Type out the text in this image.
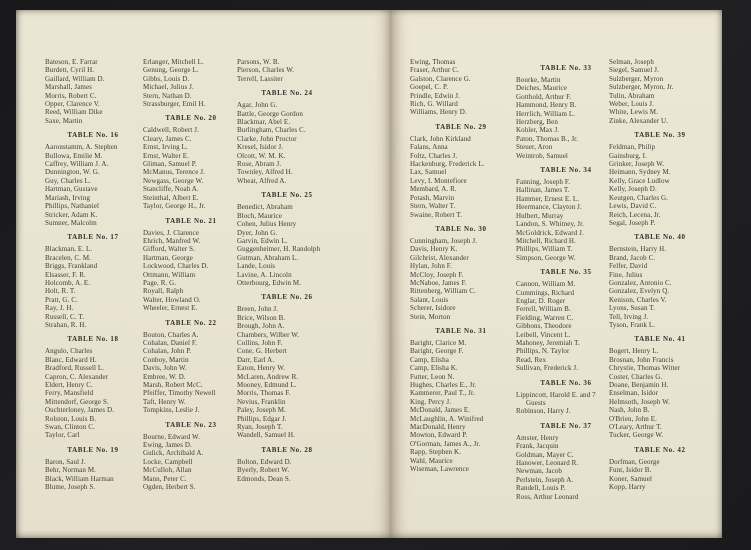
Bateson, E. Farrar
Burdett, Cyril H.
Gaillard, William D.
Marshall, James
Morris, Robert C.
Opper, Clarence V.
Reed, William Dike
Saxe, Martin
TABLE No. 16
Aaronstamm, A. Stephen
Bullowa, Emilie M.
Caffrey, William J. A.
Dunnington, W. G.
Guy, Charles L.
Hartman, Gustave
Mariash, Irving
Phillips, Nathaniel
Stricker, Adam K.
Sumner, Malcolm
TABLE No. 17
Blackman, E. L.
Bracelen, C. M.
Briggs, Frankland
Elsasser, F. R.
Holcomb, A. E.
Holt, R. T.
Pratt, G. C.
Ray, J. H.
Russell, C. T.
Strahan, R. H.
TABLE No. 18
Angulo, Charles
Blanc, Edward H.
Bradford, Russell L.
Capron, C. Alexander
Eldert, Henry C.
Ferry, Mansfield
Mittendorf, George S.
Ouchterloney, James D.
Rolston, Louis B.
Swan, Clinton C.
Taylor, Carl
TABLE No. 19
Baron, Saul J.
Behr, Norman M.
Black, William Harman
Blume, Joseph S.
Erlanger, Mitchell L.
Genung, George L.
Gibbs, Louis D.
Michael, Julius J.
Stern, Nathan D.
Strassburger, Emil H.
TABLE No. 20
Caldwell, Robert J.
Cleary, James C.
Ernst, Irving L.
Ernst, Walter E.
Gliman, Samuel P.
McManus, Terence J.
Newgass, George W.
Stancliffe, Noah A.
Steinthal, Albert E.
Taylor, George H., Jr.
TABLE No. 21
Davies, J. Clarence
Ehrich, Manfred W.
Gifford, Walter S.
Hartman, George
Lockwood, Charles D.
Ottmann, William
Page, R. G.
Royall, Ralph
Walter, Howland O.
Wheeler, Ernest E.
TABLE No. 22
Bouton, Charles A.
Cohalan, Daniel F.
Cohalan, John P.
Conboy, Martin
Davis, John W.
Embree, W. D.
Marsh, Robert McC.
Pfeiffer, Timothy Newell
Taft, Henry W.
Tompkins, Leslie J.
TABLE No. 23
Bourne, Edward W.
Ewing, James D.
Gulick, Archibald A.
Locke, Campbell
McCulloh, Allan
Mann, Peter C.
Ogden, Herbert S.
Parsons, W. B.
Pierson, Charles W.
Terrell, Lassiter
TABLE No. 24
Agar, John G.
Battle, George Gordon
Blackmar, Abel E.
Burlingham, Charles C.
Clarke, John Proctor
Kresel, Isidor J.
Olcott, W. M. K.
Rose, Abram J.
Townley, Alfred H.
Wheat, Alfred A.
TABLE No. 25
Benedict, Abraham
Bloch, Maurice
Cohen, Julius Henry
Dyer, John G.
Garvin, Edwin L.
Guggenheimer, H. Randolph
Gutman, Abraham L.
Lande, Louis
Lavine, A. Lincoln
Otterbourg, Edwin M.
TABLE No. 26
Breen, John J.
Brice, Wilson B.
Brough, John A.
Chambers, Wilber W.
Collins, John F.
Cone, G. Herbert
Darr, Earl A.
Eaton, Henry W.
McLaren, Andrew R.
Mooney, Edmund L.
Morris, Thomas F.
Nevius, Franklin
Paley, Joseph M.
Phillips, Edgar J.
Ryan, Joseph T.
Wandell, Samuel H.
TABLE No. 28
Bolton, Edward D.
Byerly, Robert W.
Edmonds, Dean S.
Ewing, Thomas
Fraser, Arthur C.
Galston, Clarence G.
Goepel, C. P.
Prindle, Edwin J.
Rich, G. Willard
Williams, Henry D.
TABLE No. 29
Clark, John Kirkland
Falans, Anna
Foltz, Charles J.
Hackenburg, Frederick L.
Lax, Samuel
Levy, I. Montefiore
Membard, A. R.
Potash, Marvin
Stern, Walter T.
Swaine, Robert T.
TABLE No. 30
Cunningham, Joseph J.
Davis, Henry K.
Gilchrist, Alexander
Hylan, John F.
McCloy, Joseph F.
McNaboe, James F.
Rittenberg, William C.
Salant, Louis
Scherer, Isidore
Stein, Morton
TABLE No. 31
Baright, Clarice M.
Baright, George F.
Camp, Elisha
Camp, Elisha K.
Futter, Leon N.
Hughes, Charles E., Jr.
Kammerer, Paul T., Jr.
King, Percy J.
McDonald, James E.
McLaughlin, A. Winifred
MacDonald, Henry
Mowton, Edward P.
O'Gorman, James A., Jr.
Rapp, Stephen K.
Wahl, Maurice
Wiseman, Lawrence
TABLE No. 33
Bourke, Martin
Deiches, Maurice
Gotthold, Arthur F.
Hammond, Henry B.
Herrlich, William L.
Herzberg, Ben
Kohler, Max J.
Paton, Thomas B., Jr.
Steuer, Aron
Weintrob, Samuel
TABLE No. 34
Fanning, Joseph F.
Hallinan, James T.
Hammer, Ernest E. L.
Heermance, Clayton J.
Hulbert, Murray
Landon, S. Whitney, Jr.
McGoldrick, Edward J.
Mitchell, Richard H.
Phillips, William T.
Simpson, George W.
TABLE No. 35
Cannon, William M.
Cummings, Richard
Englar, D. Roger
Ferrell, William B.
Fielding, Warren C.
Gibbons, Theodore
Leibell, Vincent L.
Mahoney, Jeremiah T.
Phillips, N. Taylor
Read, Rex
Sullivan, Frederick J.
TABLE No. 36
Lippincott, Harold E. and 7 Guests
Robinson, Harry J.
TABLE No. 37
Amster, Henry
Frank, Jacquin
Goldman, Mayer C.
Hanower, Leonard R.
Newman, Jacob
Perlstein, Joseph A.
Randell, Louis P.
Ross, Arthur Leonard
Selman, Joseph
Siegel, Samuel J.
Sulzberger, Myron
Sulzberger, Myron, Jr.
Tulin, Abraham
Weber, Louis J.
White, Lewis M.
Zinke, Alexander U.
TABLE No. 39
Feldman, Philip
Gainsburg, I.
Grinker, Joseph W.
Heimann, Sydney M.
Kelly, Grace Ludlow
Kelly, Joseph D.
Keutgen, Charles G.
Lewis, David C.
Reich, Lecena, Jr.
Segal, Joseph P.
TABLE No. 40
Bernstein, Harry H.
Brand, Jacob C.
Felfer, David
Fine, Julius
Gonzalez, Antonio C.
Gonzalez, Evelyn Q.
Kenison, Charles V.
Lyons, Susan T.
Tell, Irving J.
Tyson, Frank L.
TABLE No. 41
Bogert, Henry L.
Brosnan, John Francis
Chrystie, Thomas Witter
Coster, Charles G.
Doane, Benjamin H.
Enselman, Isidor
Helmsoth, Joseph W.
Nash, John B.
O'Brien, John E.
O'Leary, Arthur T.
Tucker, George W.
TABLE No. 42
Dorfman, George
Funt, Isidor B.
Koner, Samuel
Kopp, Harry
